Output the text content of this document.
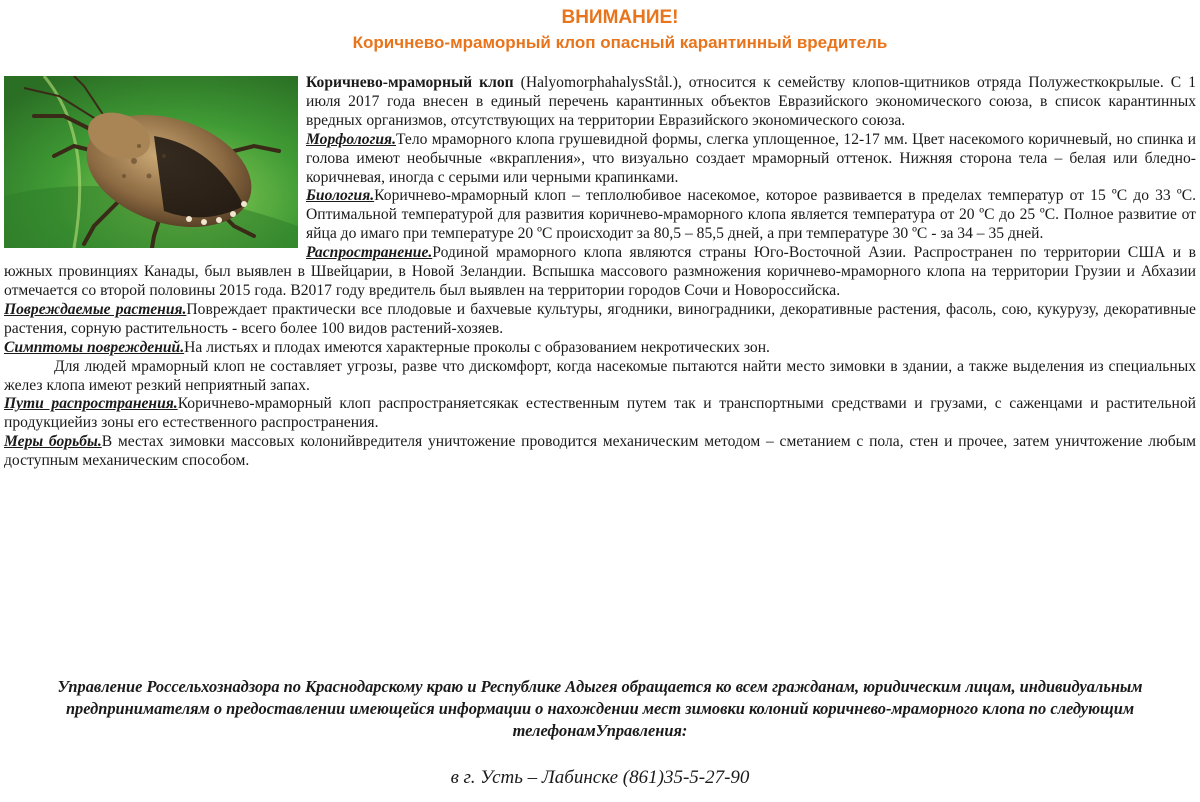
ВНИМАНИЕ!
Коричнево-мраморный клоп опасный карантинный вредитель

Коричнево-мраморный клоп (HalyomorphahalysStål.), относится к семейству клопов-щитников отряда Полужесткокрылые. С 1 июля 2017 года внесен в единый перечень карантинных объектов Евразийского экономического союза, в список карантинных вредных организмов, отсутствующих на территории Евразийского экономического союза.

Морфология.Тело мраморного клопа грушевидной формы, слегка уплощенное, 12-17 мм. Цвет насекомого коричневый, но спинка и голова имеют необычные «вкрапления», что визуально создает мраморный оттенок. Нижняя сторона тела – белая или бледно-коричневая, иногда с серыми или черными крапинками.

Биология.Коричнево-мраморный клоп – теплолюбивое насекомое, которое развивается в пределах температур от 15 ºС до 33 ºС. Оптимальной температурой для развития коричнево-мраморного клопа является температура от 20 ºС до 25 ºС. Полное развитие от яйца до имаго при температуре 20 ºС происходит за 80,5 – 85,5 дней, а при температуре 30 ºС - за 34 – 35 дней.

Распространение.Родиной мраморного клопа являются страны Юго-Восточной Азии. Распространен по территории США и в южных провинциях Канады, был выявлен в Швейцарии, в Новой Зеландии. Вспышка массового размножения коричнево-мраморного клопа на территории Грузии и Абхазии отмечается со второй половины 2015 года. В2017 году вредитель был выявлен на территории городов Сочи и Новороссийска.

Повреждаемые растения.Повреждает практически все плодовые и бахчевые культуры, ягодники, виноградники, декоративные растения, фасоль, сою, кукурузу, декоративные растения, сорную растительность - всего более 100 видов растений-хозяев.

Симптомы повреждений.На листьях и плодах имеются характерные проколы с образованием некротических зон.

Для людей мраморный клоп не составляет угрозы, разве что дискомфорт, когда насекомые пытаются найти место зимовки в здании, а также выделения из специальных желез клопа имеют резкий неприятный запах.

Пути распространения.Коричнево-мраморный клоп распространяетсякак естественным путем так и транспортными средствами и грузами, с саженцами и растительной продукциейиз зоны его естественного распространения.

Меры борьбы.В местах зимовки массовых колонийвредителя уничтожение проводится механическим методом – сметанием с пола, стен и прочее, затем уничтожение любым доступным механическим способом.

Управление Россельхознадзора по Краснодарскому краю и Республике Адыгея обращается ко всем гражданам, юридическим лицам, индивидуальным предпринимателям о предоставлении имеющейся информации о нахождении мест зимовки колоний коричнево-мраморного клопа по следующим телефонамУправления:
в г. Усть – Лабинске (861)35-5-27-90
